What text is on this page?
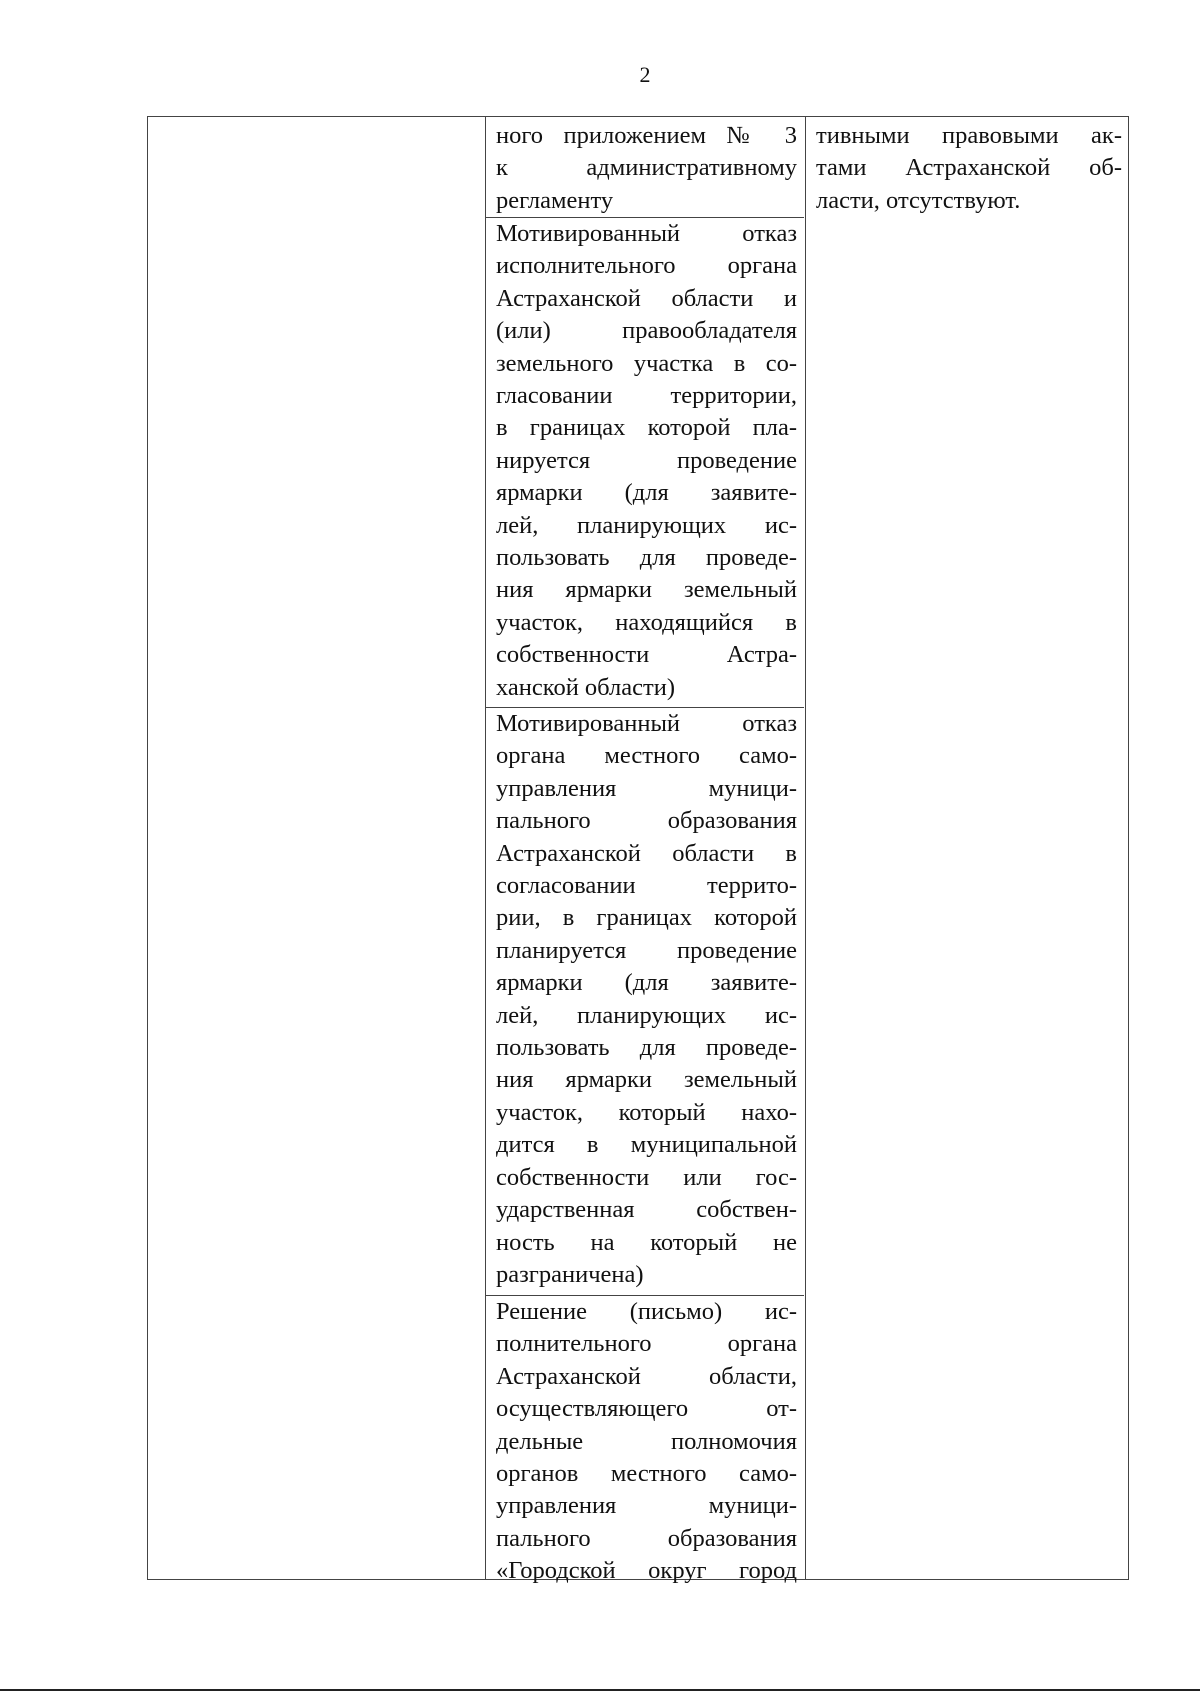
2
ного приложением № 3
к административному
регламенту
Мотивированный отказ
исполнительного органа
Астраханской области и
(или) правообладателя
земельного участка в со-
гласовании территории,
в границах которой пла-
нируется проведение
ярмарки (для заявите-
лей, планирующих ис-
пользовать для проведе-
ния ярмарки земельный
участок, находящийся в
собственности Астра-
ханской области)
Мотивированный отказ
органа местного само-
управления муници-
пального образования
Астраханской области в
согласовании террито-
рии, в границах которой
планируется проведение
ярмарки (для заявите-
лей, планирующих ис-
пользовать для проведе-
ния ярмарки земельный
участок, который нахо-
дится в муниципальной
собственности или гос-
ударственная собствен-
ность на который не
разграничена)
Решение (письмо) ис-
полнительного органа
Астраханской области,
осуществляющего от-
дельные полномочия
органов местного само-
управления муници-
пального образования
«Городской округ город
тивными правовыми ак-
тами Астраханской об-
ласти, отсутствуют.
